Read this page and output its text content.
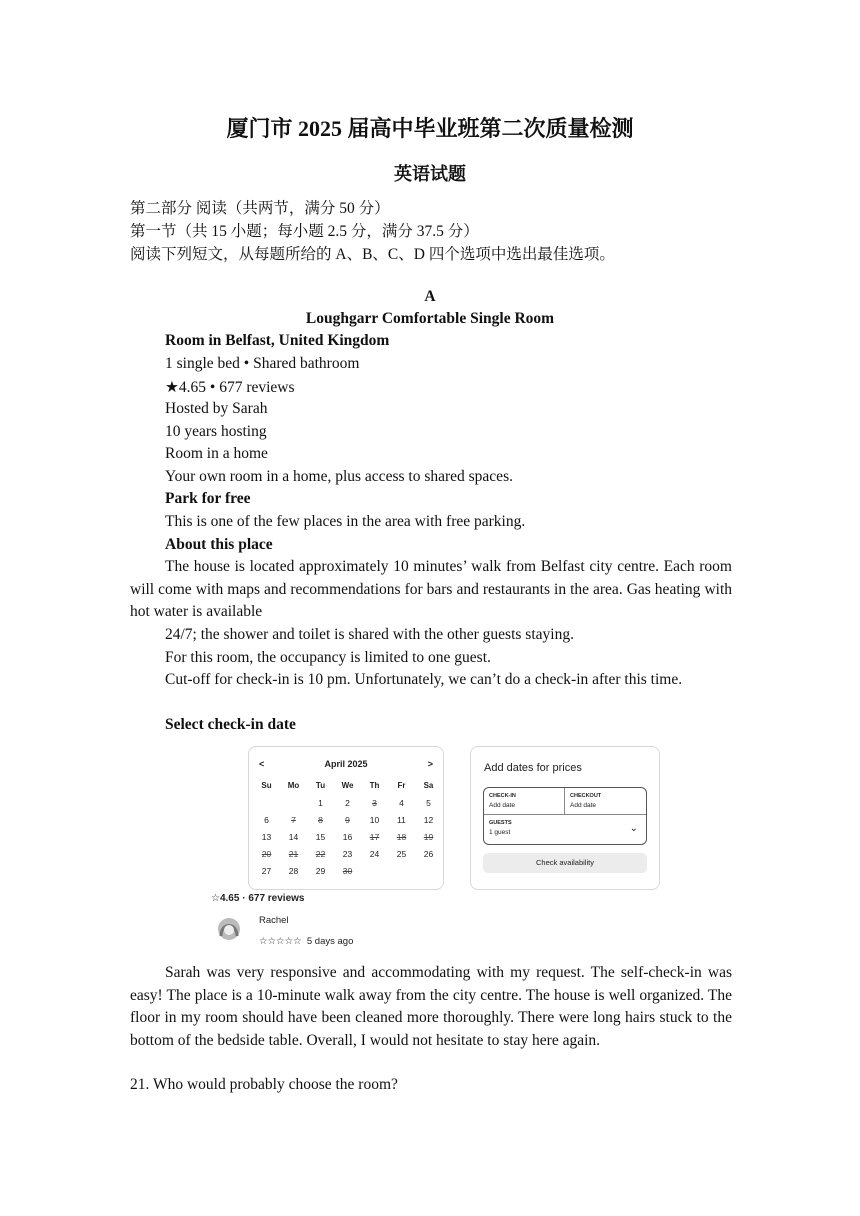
厦门市 2025 届高中毕业班第二次质量检测
英语试题
第二部分 阅读（共两节，满分 50 分）
第一节（共 15 小题；每小题 2.5 分，满分 37.5 分）
阅读下列短文，从每题所给的 A、B、C、D 四个选项中选出最佳选项。
A
Loughgarr Comfortable Single Room
Room in Belfast, United Kingdom
1 single bed • Shared bathroom
★4.65 • 677 reviews
Hosted by Sarah
10 years hosting
Room in a home
Your own room in a home, plus access to shared spaces.
Park for free
This is one of the few places in the area with free parking.
About this place
The house is located approximately 10 minutes’ walk from Belfast city centre. Each room will come with maps and recommendations for bars and restaurants in the area. Gas heating with hot water is available
24/7; the shower and toilet is shared with the other guests staying.
For this room, the occupancy is limited to one guest.
Cut-off for check-in is 10 pm. Unfortunately, we can’t do a check-in after this time.
Select check-in date
<	April 2025	>
Su	Mo	Tu	We	Th	Fr	Sa
		1	2	3	4	5
6	7	8	9	10	11	12
13	14	15	16	17	18	19
20	21	22	23	24	25	26
27	28	29	30			
Add dates for prices
CHECK-IN
Add date
CHECKOUT
Add date
GUESTS
1 guest	⌄
Check availability
☆4.65 · 677 reviews
Rachel
☆☆☆☆☆ 5 days ago
Sarah was very responsive and accommodating with my request. The self-check-in was easy! The place is a 10-minute walk away from the city centre. The house is well organized. The floor in my room should have been cleaned more thoroughly. There were long hairs stuck to the bottom of the bedside table. Overall, I would not hesitate to stay here again.
21. Who would probably choose the room?
